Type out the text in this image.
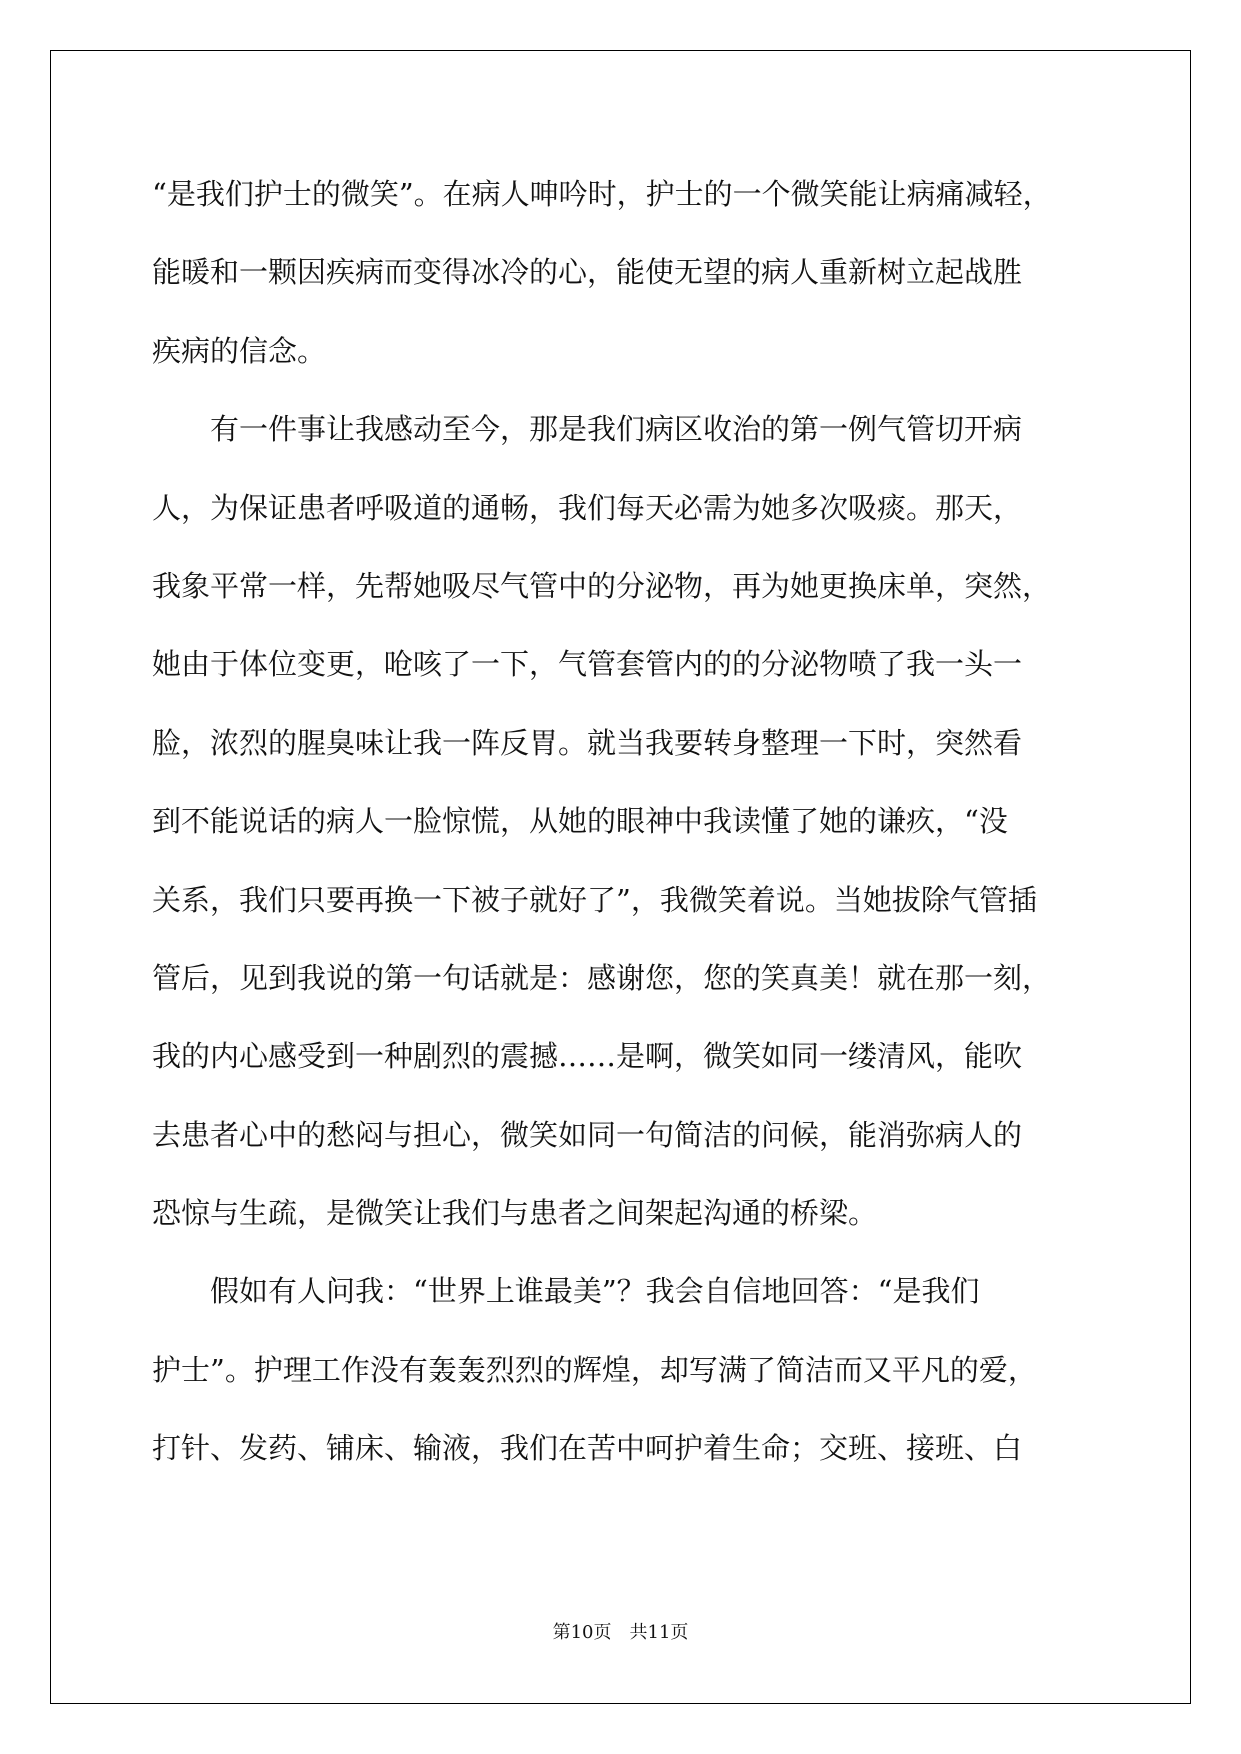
“是我们护士的微笑”。在病人呻吟时，护士的一个微笑能让病痛减轻，
能暖和一颗因疾病而变得冰冷的心，能使无望的病人重新树立起战胜
疾病的信念。
　　有一件事让我感动至今，那是我们病区收治的第一例气管切开病
人，为保证患者呼吸道的通畅，我们每天必需为她多次吸痰。那天，
我象平常一样，先帮她吸尽气管中的分泌物，再为她更换床单，突然，
她由于体位变更，呛咳了一下，气管套管内的的分泌物喷了我一头一
脸，浓烈的腥臭味让我一阵反胃。就当我要转身整理一下时，突然看
到不能说话的病人一脸惊慌，从她的眼神中我读懂了她的谦疚，“没
关系，我们只要再换一下被子就好了”，我微笑着说。当她拔除气管插
管后，见到我说的第一句话就是：感谢您，您的笑真美！就在那一刻，
我的内心感受到一种剧烈的震撼……是啊，微笑如同一缕清风，能吹
去患者心中的愁闷与担心，微笑如同一句简洁的问候，能消弥病人的
恐惊与生疏，是微笑让我们与患者之间架起沟通的桥梁。
　　假如有人问我：“世界上谁最美”？我会自信地回答：“是我们
护士”。护理工作没有轰轰烈烈的辉煌，却写满了简洁而又平凡的爱，
打针、发药、铺床、输液，我们在苦中呵护着生命；交班、接班、白
第10页　共11页
